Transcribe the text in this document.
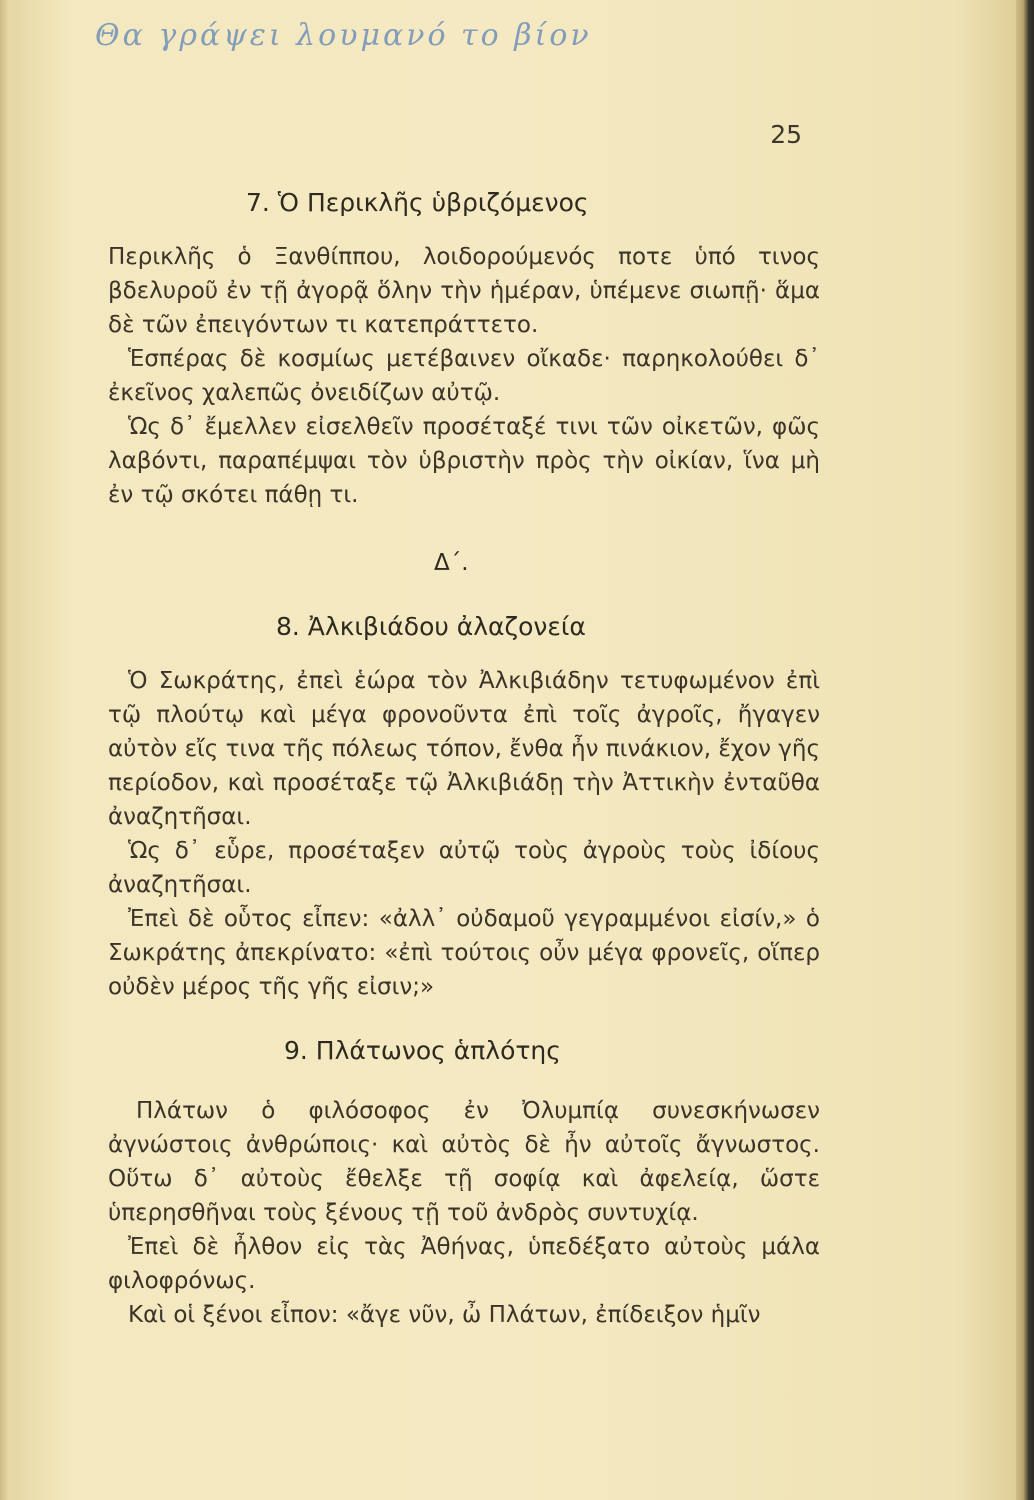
Θα γράψει λουμανό το βίον
25
7. Ὁ Περικλῆς ὑβριζόμενος

Περικλῆς ὁ Ξανθίππου, λοιδορούμενός ποτε ὑπό τινος βδελυροῦ ἐν τῇ ἀγορᾷ ὅλην τὴν ἡμέραν, ὑπέμενε σιωπῇ· ἅμα δὲ τῶν ἐπειγόντων τι κατεπράττετο.

Ἑσπέρας δὲ κοσμίως μετέβαινεν οἴκαδε· παρηκολούθει δ᾽ ἐκεῖνος χαλεπῶς ὀνειδίζων αὐτῷ.

Ὡς δ᾽ ἔμελλεν εἰσελθεῖν προσέταξέ τινι τῶν οἰκετῶν, φῶς λαβόντι, παραπέμψαι τὸν ὑβριστὴν πρὸς τὴν οἰκίαν, ἵνα μὴ ἐν τῷ σκότει πάθῃ τι.

Δ΄.
8. Ἀλκιβιάδου ἀλαζονεία

Ὁ Σωκράτης, ἐπεὶ ἑώρα τὸν Ἀλκιβιάδην τετυφωμένον ἐπὶ τῷ πλούτῳ καὶ μέγα φρονοῦντα ἐπὶ τοῖς ἀγροῖς, ἤγαγεν αὐτὸν εἴς τινα τῆς πόλεως τόπον, ἔνθα ἦν πινάκιον, ἔχον γῆς περίοδον, καὶ προσέταξε τῷ Ἀλκιβιάδῃ τὴν Ἀττικὴν ἐνταῦθα ἀναζητῆσαι.

Ὡς δ᾽ εὗρε, προσέταξεν αὐτῷ τοὺς ἀγροὺς τοὺς ἰδίους ἀναζητῆσαι.

Ἐπεὶ δὲ οὗτος εἶπεν: «ἀλλ᾽ οὐδαμοῦ γεγραμμένοι εἰσίν,» ὁ Σωκράτης ἀπεκρίνατο: «ἐπὶ τούτοις οὖν μέγα φρονεῖς, οἵπερ οὐδὲν μέρος τῆς γῆς εἰσιν;»

9. Πλάτωνος ἁπλότης

Πλάτων ὁ φιλόσοφος ἐν Ὀλυμπίᾳ συνεσκήνωσεν ἀγνώστοις ἀνθρώποις· καὶ αὐτὸς δὲ ἦν αὐτοῖς ἄγνωστος. Οὕτω δ᾽ αὐτοὺς ἔθελξε τῇ σοφίᾳ καὶ ἀφελείᾳ, ὥστε ὑπερησθῆναι τοὺς ξένους τῇ τοῦ ἀνδρὸς συντυχίᾳ.

Ἐπεὶ δὲ ἦλθον εἰς τὰς Ἀθήνας, ὑπεδέξατο αὐτοὺς μάλα φιλοφρόνως.

Καὶ οἱ ξένοι εἶπον: «ἄγε νῦν, ὦ Πλάτων, ἐπίδειξον ἡμῖν
